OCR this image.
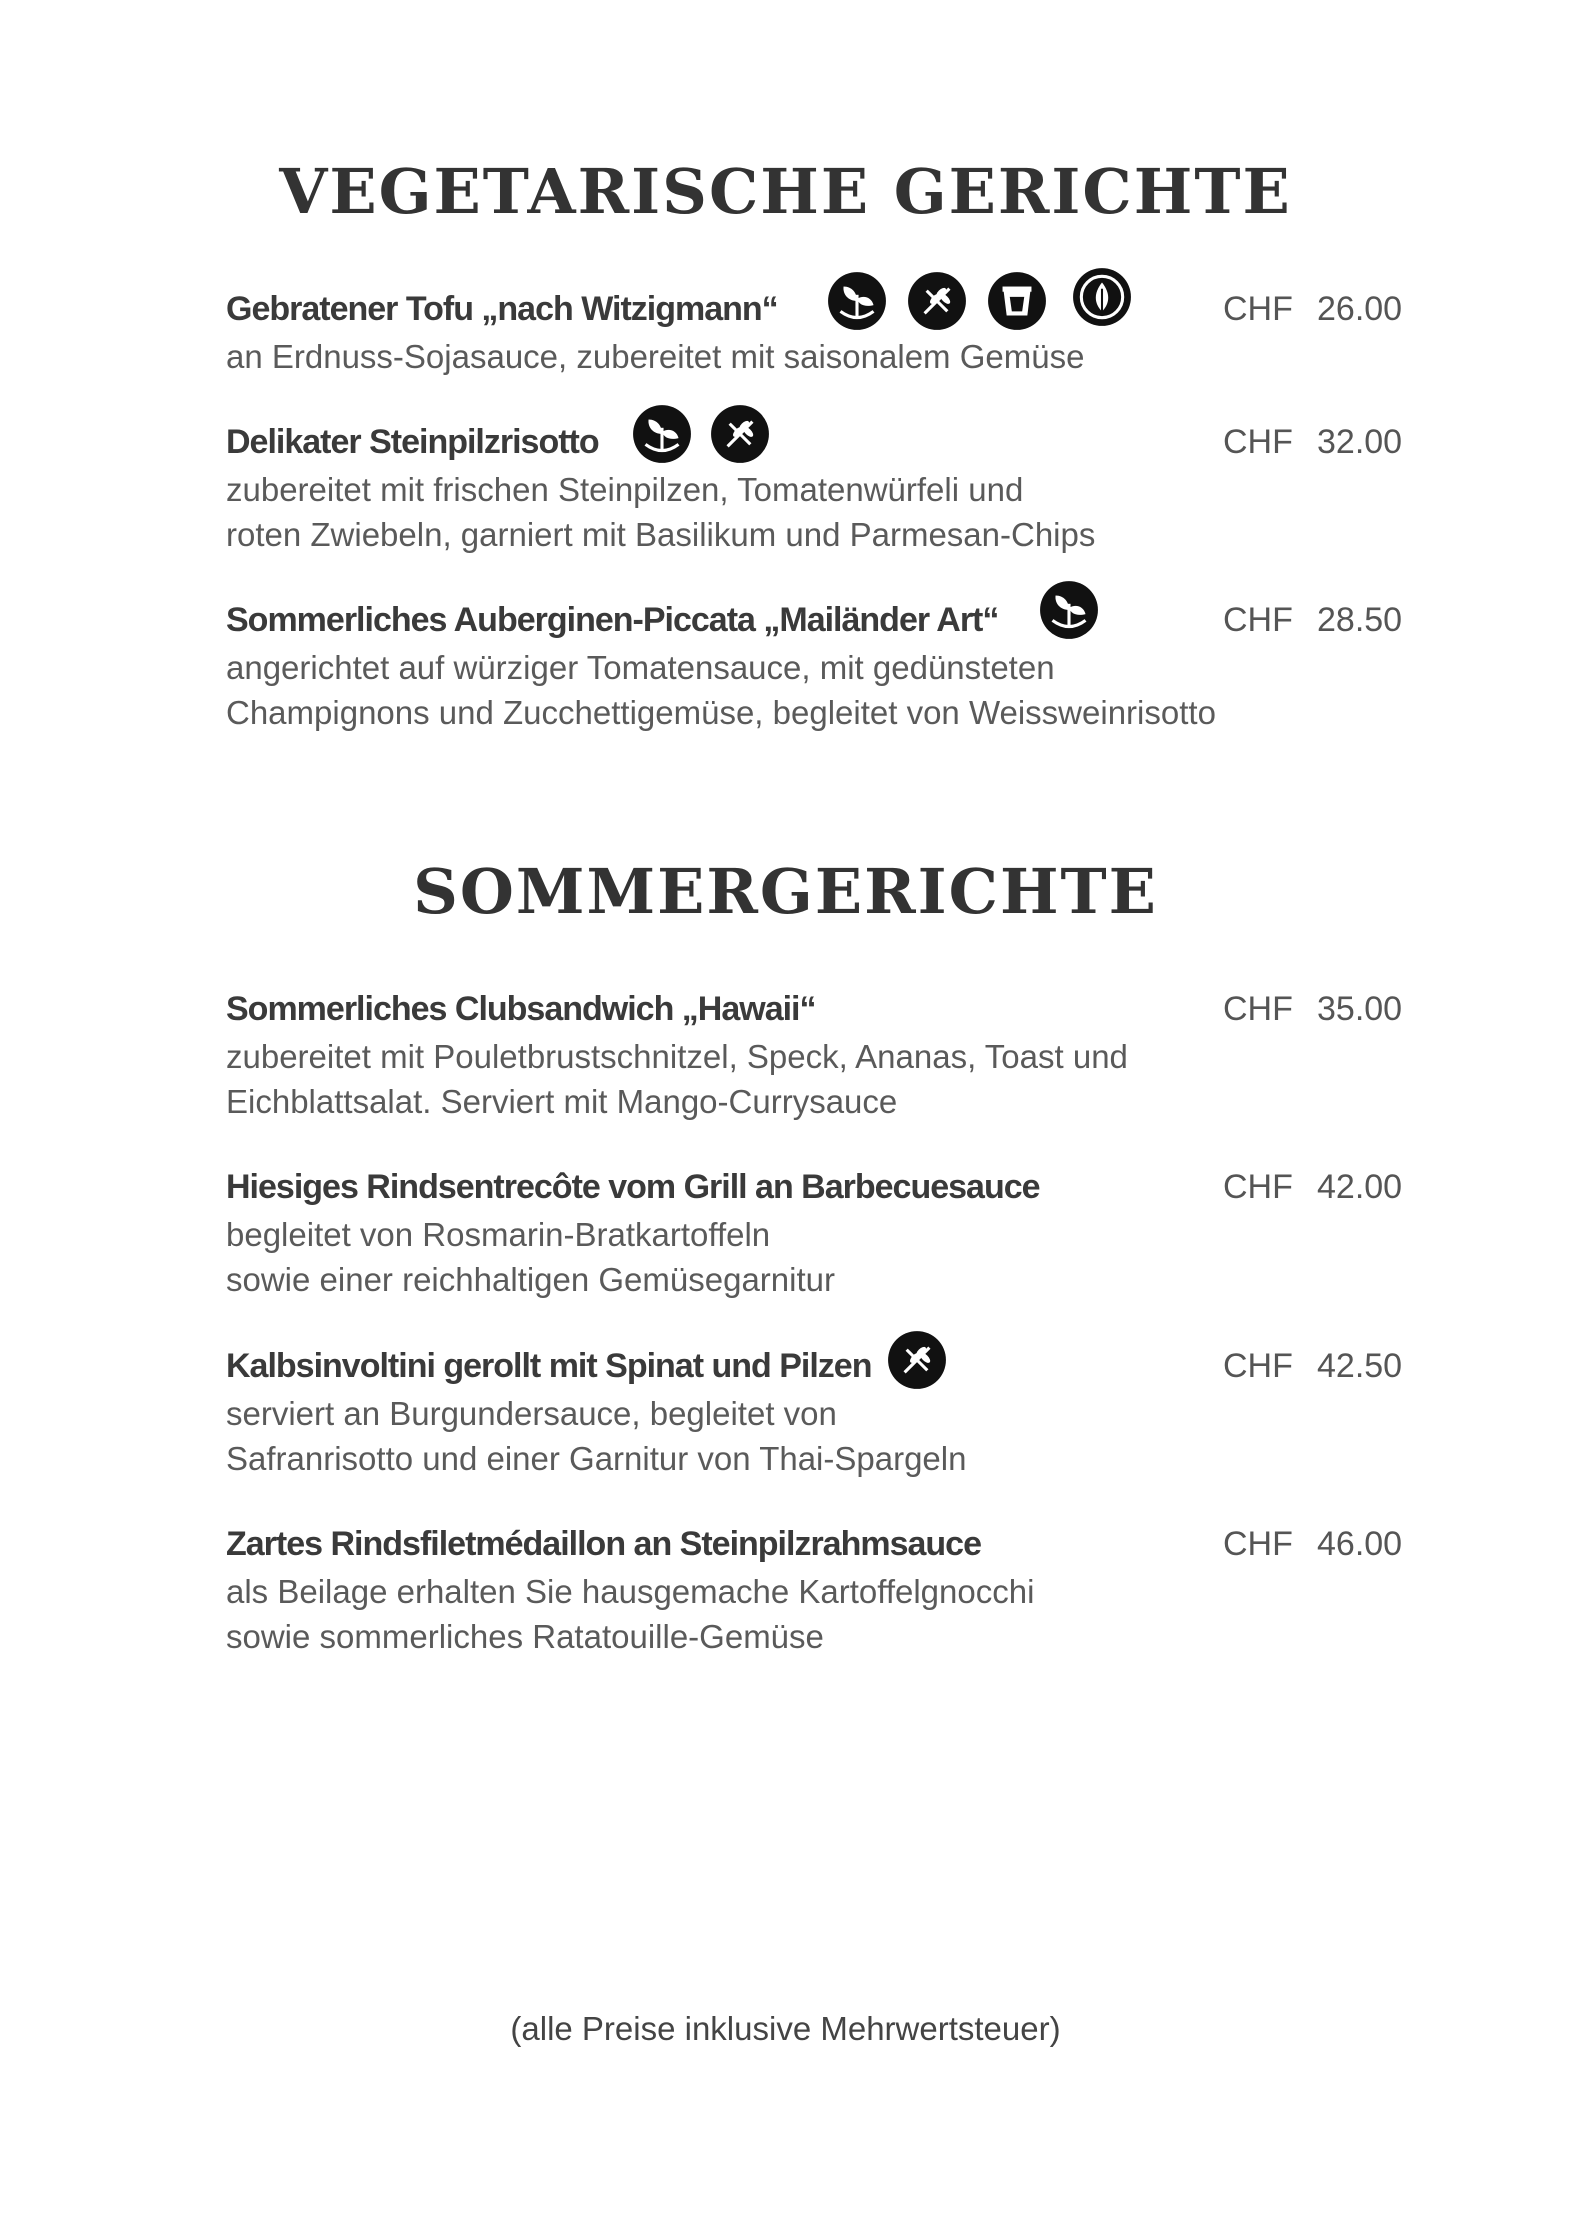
VEGETARISCHE GERICHTE
Gebratener Tofu „nach Witzigmann“	CHF 26.00

an Erdnuss-Sojasauce, zubereitet mit saisonalem Gemüse

Delikater Steinpilzrisotto	CHF 32.00

zubereitet mit frischen Steinpilzen, Tomatenwürfeli und

roten Zwiebeln, garniert mit Basilikum und Parmesan-Chips

Sommerliches Auberginen-Piccata „Mailänder Art“	CHF 28.50

angerichtet auf würziger Tomatensauce, mit gedünsteten

Champignons und Zucchettigemüse, begleitet von Weissweinrisotto

SOMMERGERICHTE
Sommerliches Clubsandwich „Hawaii“	CHF 35.00

zubereitet mit Pouletbrustschnitzel, Speck, Ananas, Toast und

Eichblattsalat. Serviert mit Mango-Currysauce

Hiesiges Rindsentrecôte vom Grill an Barbecuesauce	CHF 42.00

begleitet von Rosmarin-Bratkartoffeln

sowie einer reichhaltigen Gemüsegarnitur

Kalbsinvoltini gerollt mit Spinat und Pilzen	CHF 42.50

serviert an Burgundersauce, begleitet von

Safranrisotto und einer Garnitur von Thai-Spargeln

Zartes Rindsfiletmédaillon an Steinpilzrahmsauce	CHF 46.00

als Beilage erhalten Sie hausgemache Kartoffelgnocchi

sowie sommerliches Ratatouille-Gemüse

(alle Preise inklusive Mehrwertsteuer)
